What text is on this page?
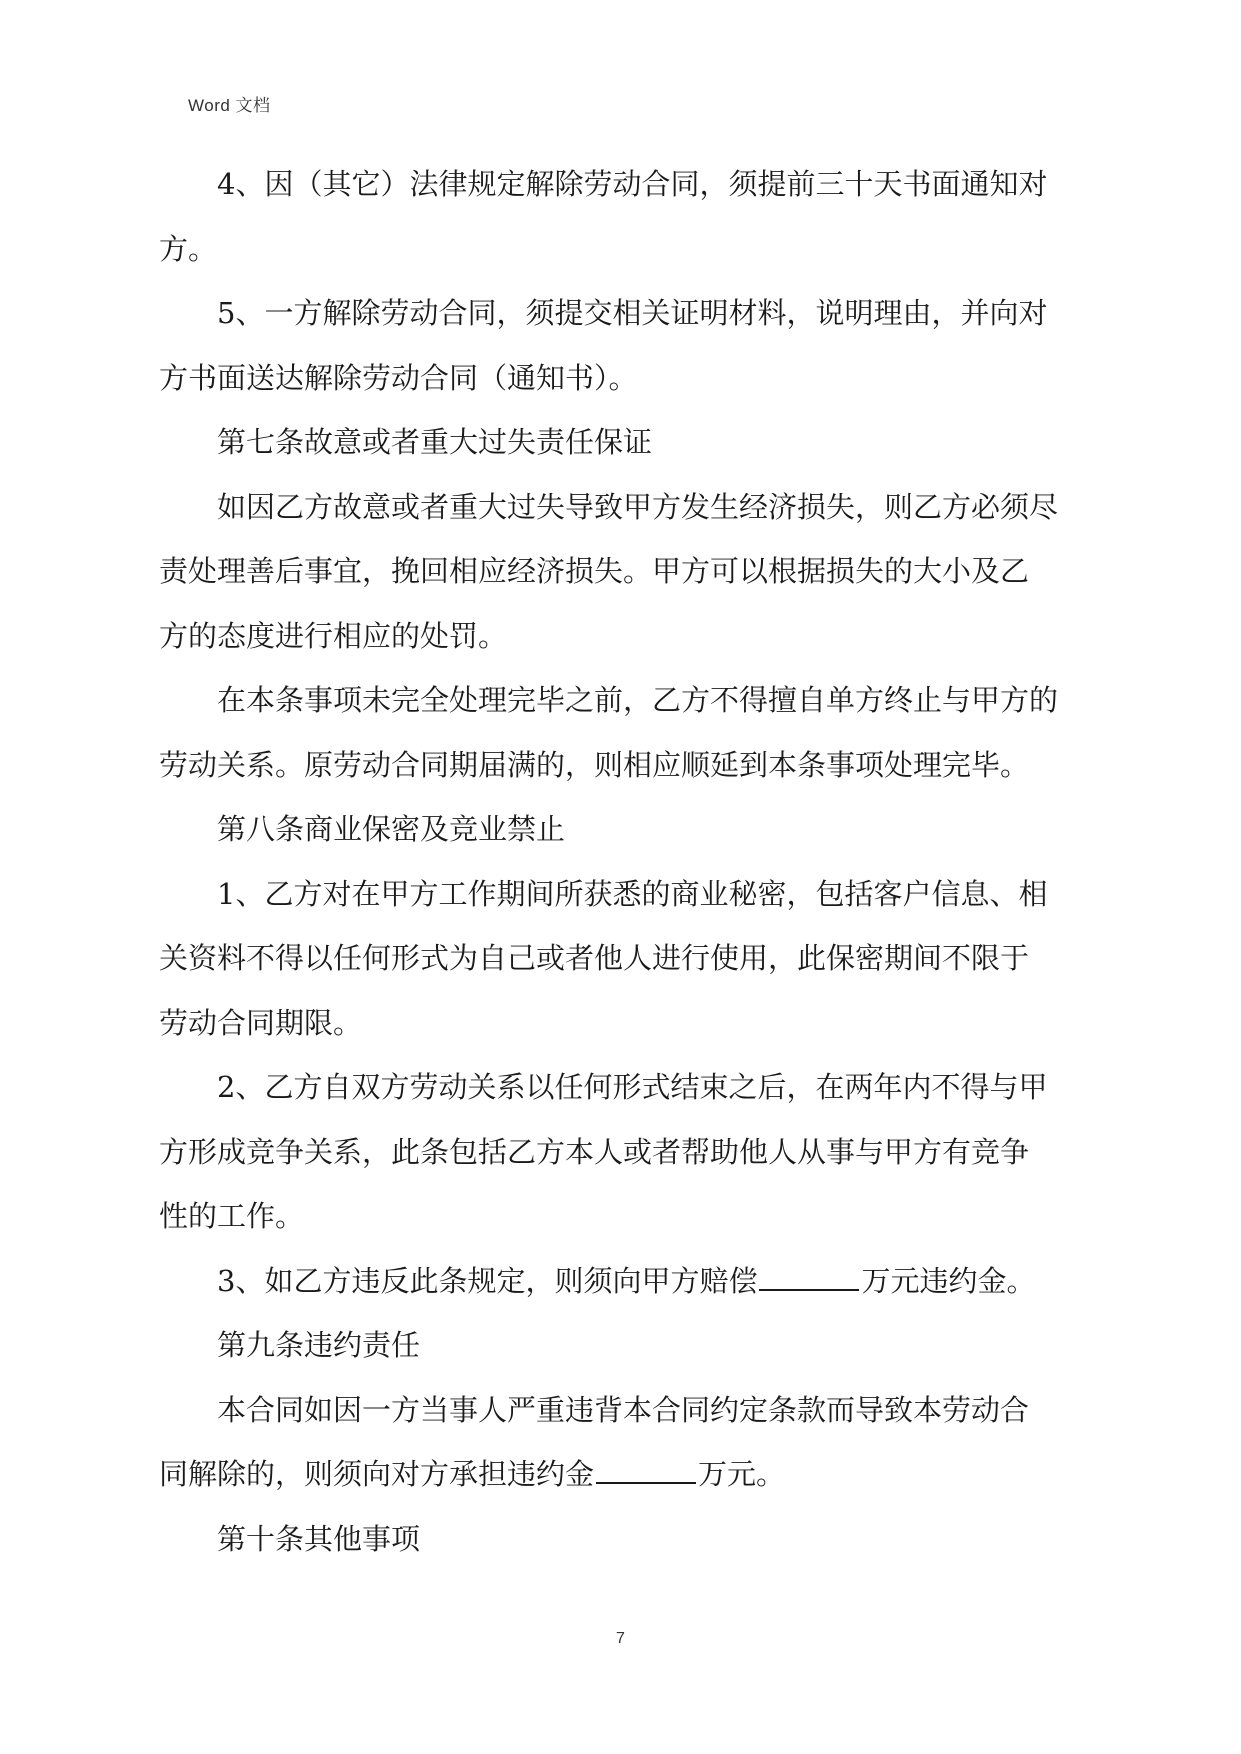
Word 文档

4、因（其它）法律规定解除劳动合同，须提前三十天书面通知对
方。

5、一方解除劳动合同，须提交相关证明材料，说明理由，并向对
方书面送达解除劳动合同（通知书）。

第七条故意或者重大过失责任保证

如因乙方故意或者重大过失导致甲方发生经济损失，则乙方必须尽
责处理善后事宜，挽回相应经济损失。甲方可以根据损失的大小及乙
方的态度进行相应的处罚。

在本条事项未完全处理完毕之前，乙方不得擅自单方终止与甲方的
劳动关系。原劳动合同期届满的，则相应顺延到本条事项处理完毕。

第八条商业保密及竞业禁止

1、乙方对在甲方工作期间所获悉的商业秘密，包括客户信息、相
关资料不得以任何形式为自己或者他人进行使用，此保密期间不限于
劳动合同期限。

2、乙方自双方劳动关系以任何形式结束之后，在两年内不得与甲
方形成竞争关系，此条包括乙方本人或者帮助他人从事与甲方有竞争
性的工作。

3、如乙方违反此条规定，则须向甲方赔偿	万元违约金。

第九条违约责任

本合同如因一方当事人严重违背本合同约定条款而导致本劳动合
同解除的，则须向对方承担违约金	万元。

第十条其他事项

7
